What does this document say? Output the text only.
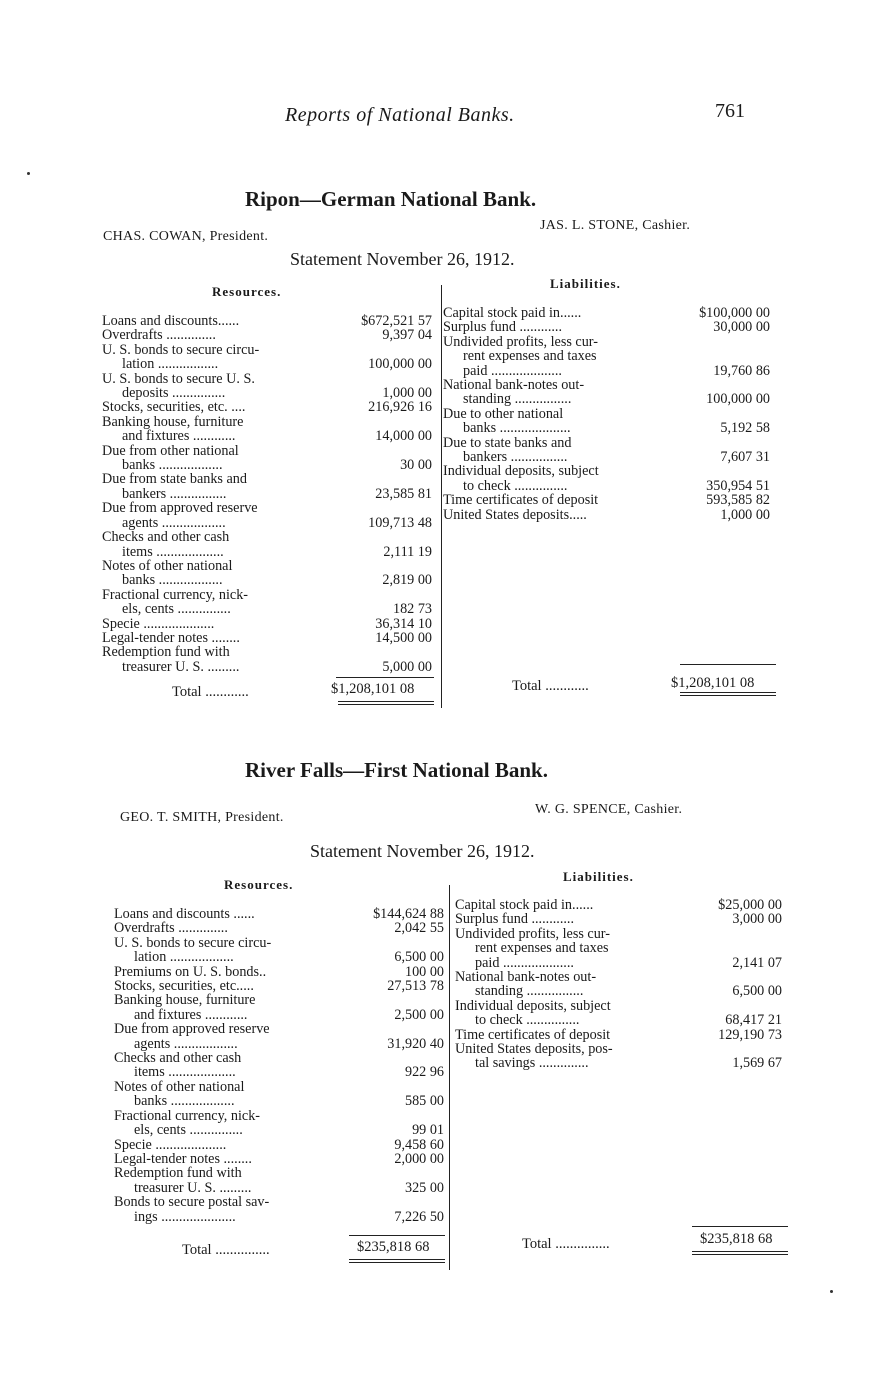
Reports of National Banks.	761
Ripon—German National Bank.
CHAS. COWAN, President.
JAS. L. STONE, Cashier.
Statement November 26, 1912.
Resources.
Liabilities.
Loans and discounts......	$672,521 57
Overdrafts ..............	9,397 04
U. S. bonds to secure circu-
lation .................	100,000 00
U. S. bonds to secure U. S.
deposits ...............	1,000 00
Stocks, securities, etc. ....	216,926 16
Banking house, furniture
and fixtures ............	14,000 00
Due from other national
banks ..................	30 00
Due from state banks and
bankers ................	23,585 81
Due from approved reserve
agents ..................	109,713 48
Checks and other cash
items ...................	2,111 19
Notes of other national
banks ..................	2,819 00
Fractional currency, nick-
els, cents ...............	182 73
Specie ....................	36,314 10
Legal-tender notes ........	14,500 00
Redemption fund with
treasurer U. S. .........	5,000 00
Capital stock paid in......	$100,000 00
Surplus fund ............	30,000 00
Undivided profits, less cur-
rent expenses and taxes
paid ....................	19,760 86
National bank-notes out-
standing ................	100,000 00
Due to other national
banks ....................	5,192 58
Due to state banks and
bankers ................	7,607 31
Individual deposits, subject
to check ...............	350,954 51
Time certificates of deposit	593,585 82
United States deposits.....	1,000 00
Total ............	$1,208,101 08	Total ............	$1,208,101 08
River Falls—First National Bank.
GEO. T. SMITH, President.
W. G. SPENCE, Cashier.
Statement November 26, 1912.
Resources.
Liabilities.
Loans and discounts ......	$144,624 88
Overdrafts ..............	2,042 55
U. S. bonds to secure circu-
lation ..................	6,500 00
Premiums on U. S. bonds..	100 00
Stocks, securities, etc.....	27,513 78
Banking house, furniture
and fixtures ............	2,500 00
Due from approved reserve
agents ..................	31,920 40
Checks and other cash
items ...................	922 96
Notes of other national
banks ..................	585 00
Fractional currency, nick-
els, cents ...............	99 01
Specie ....................	9,458 60
Legal-tender notes ........	2,000 00
Redemption fund with
treasurer U. S. .........	325 00
Bonds to secure postal sav-
ings .....................	7,226 50
Capital stock paid in......	$25,000 00
Surplus fund ............	3,000 00
Undivided profits, less cur-
rent expenses and taxes
paid ....................	2,141 07
National bank-notes out-
standing ................	6,500 00
Individual deposits, subject
to check ...............	68,417 21
Time certificates of deposit	129,190 73
United States deposits, pos-
tal savings ..............	1,569 67
Total ...............	$235,818 68	Total ...............	$235,818 68
